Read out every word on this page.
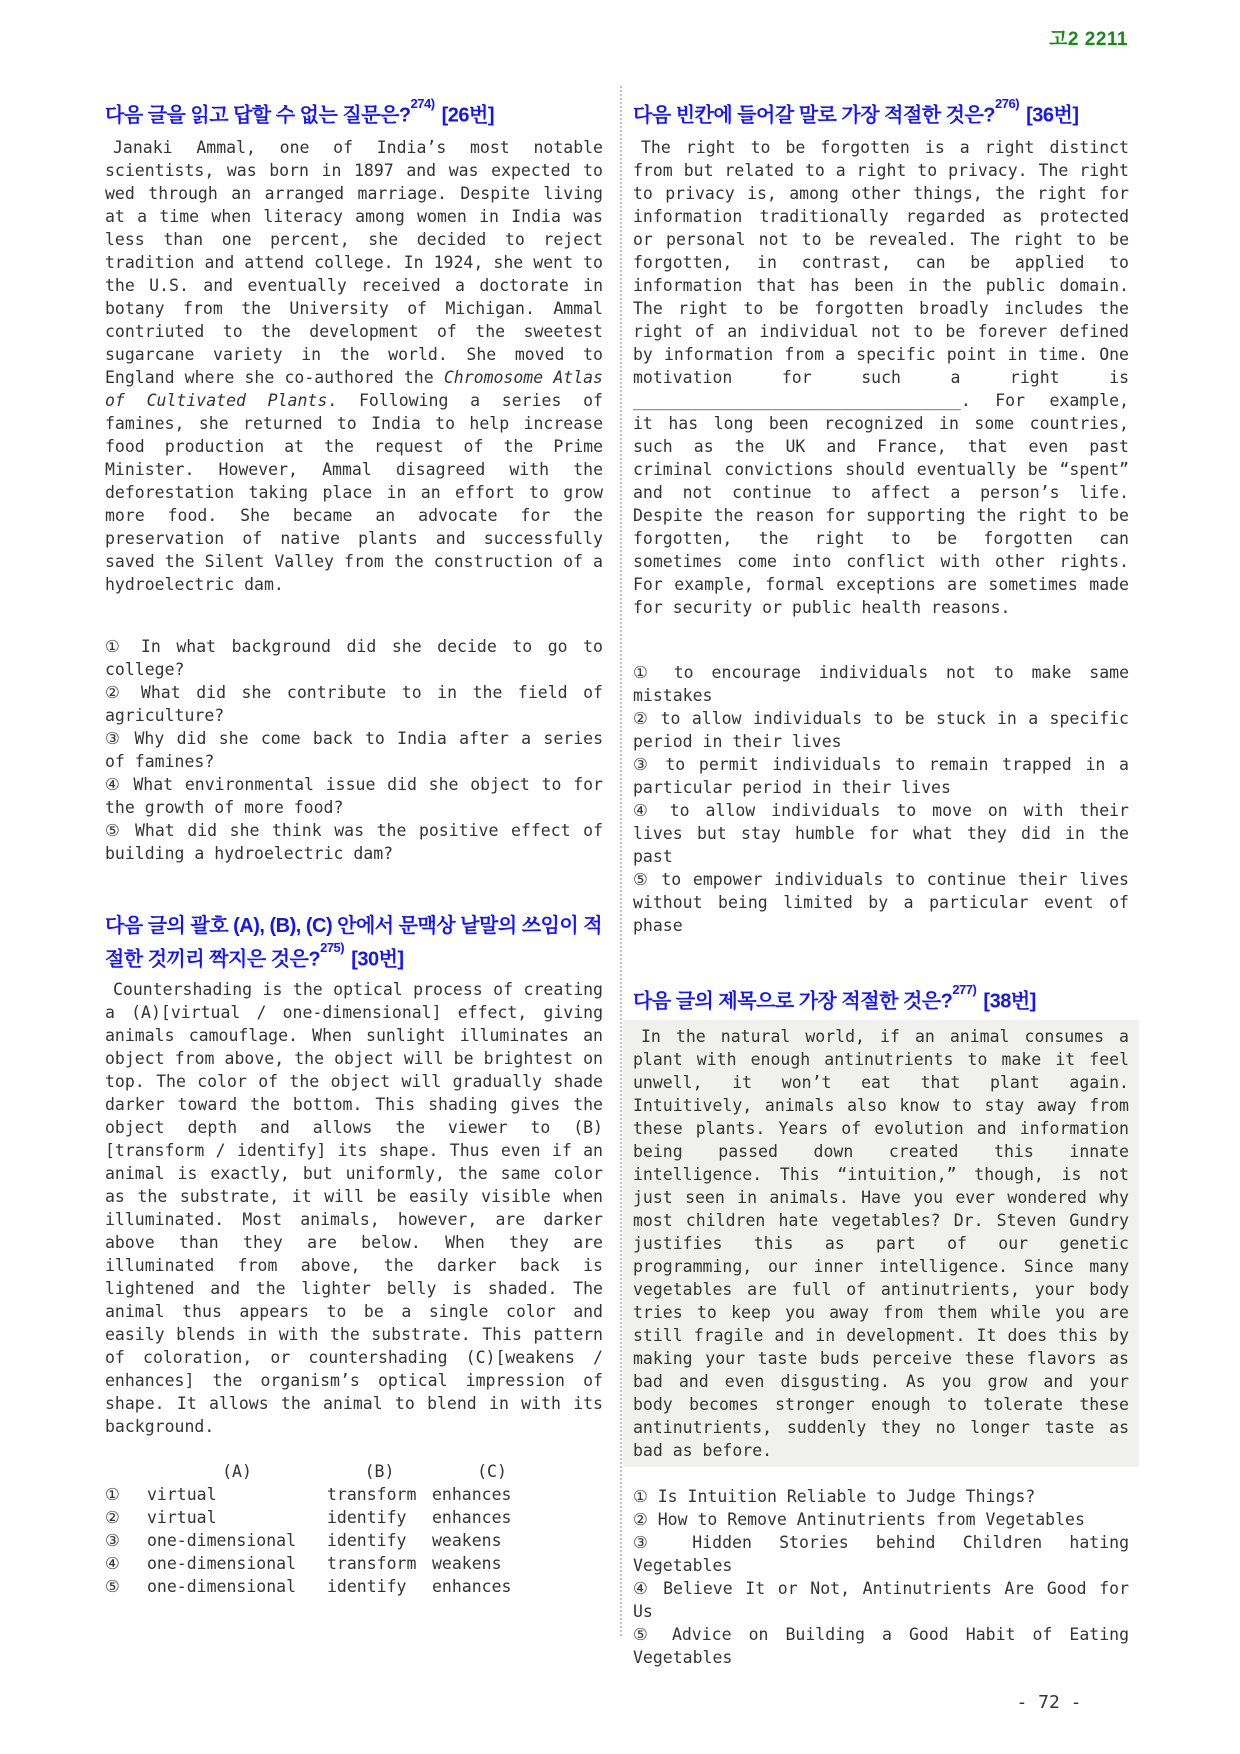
고2 2211
다음 글을 읽고 답할 수 없는 질문은?$^{274)}$ [26번]

Janaki Ammal, one of India’s most notable scientists, was born in 1897 and was expected to wed through an arranged marriage. Despite living at a time when literacy among women in India was less than one percent, she decided to reject tradition and attend college. In 1924, she went to the U.S. and eventually received a doctorate in botany from the University of Michigan. Ammal contriuted to the development of the sweetest sugarcane variety in the world. She moved to England where she co-authored the Chromosome Atlas of Cultivated Plants. Following a series of famines, she returned to India to help increase food production at the request of the Prime Minister. However, Ammal disagreed with the deforestation taking place in an effort to grow more food. She became an advocate for the preservation of native plants and successfully saved the Silent Valley from the construction of a hydroelectric dam.

① In what background did she decide to go to college?
② What did she contribute to in the field of agriculture?
③ Why did she come back to India after a series of famines?
④ What environmental issue did she object to for the growth of more food?
⑤ What did she think was the positive effect of building a hydroelectric dam?
다음 글의 괄호 (A), (B), (C) 안에서 문맥상 낱말의 쓰임이 적절한 것끼리 짝지은 것은?$^{275)}$ [30번]

Countershading is the optical process of creating a (A)[virtual / one-dimensional] effect, giving animals camouflage. When sunlight illuminates an object from above, the object will be brightest on top. The color of the object will gradually shade darker toward the bottom. This shading gives the object depth and allows the viewer to (B)[transform / identify] its shape. Thus even if an animal is exactly, but uniformly, the same color as the substrate, it will be easily visible when illuminated. Most animals, however, are darker above than they are below. When they are illuminated from above, the darker back is lightened and the lighter belly is shaded. The animal thus appears to be a single color and easily blends in with the substrate. This pattern of coloration, or countershading (C)[weakens / enhances] the organism’s optical impression of shape. It allows the animal to blend in with its background.

(A)	(B)	(C)
①	virtual	transform enhances
②	virtual	identify	enhances
③	one-dimensional	identify	weakens
④	one-dimensional	transform weakens
⑤	one-dimensional	identify	enhances
다음 빈칸에 들어갈 말로 가장 적절한 것은?$^{276)}$ [36번]

The right to be forgotten is a right distinct from but related to a right to privacy. The right to privacy is, among other things, the right for information traditionally regarded as protected or personal not to be revealed. The right to be forgotten, in contrast, can be applied to information that has been in the public domain. The right to be forgotten broadly includes the right of an individual not to be forever defined by information from a specific point in time. One motivation for such a right is _________________________________. For example, it has long been recognized in some countries, such as the UK and France, that even past criminal convictions should eventually be “spent” and not continue to affect a person’s life. Despite the reason for supporting the right to be forgotten, the right to be forgotten can sometimes come into conflict with other rights. For example, formal exceptions are sometimes made for security or public health reasons.

① to encourage individuals not to make same mistakes
② to allow individuals to be stuck in a specific period in their lives
③ to permit individuals to remain trapped in a particular period in their lives
④ to allow individuals to move on with their lives but stay humble for what they did in the past
⑤ to empower individuals to continue their lives without being limited by a particular event of phase
다음 글의 제목으로 가장 적절한 것은?$^{277)}$ [38번]

In the natural world, if an animal consumes a plant with enough antinutrients to make it feel unwell, it won’t eat that plant again. Intuitively, animals also know to stay away from these plants. Years of evolution and information being passed down created this innate intelligence. This “intuition,” though, is not just seen in animals. Have you ever wondered why most children hate vegetables? Dr. Steven Gundry justifies this as part of our genetic programming, our inner intelligence. Since many vegetables are full of antinutrients, your body tries to keep you away from them while you are still fragile and in development. It does this by making your taste buds perceive these flavors as bad and even disgusting. As you grow and your body becomes stronger enough to tolerate these antinutrients, suddenly they no longer taste as bad as before.

① Is Intuition Reliable to Judge Things?
② How to Remove Antinutrients from Vegetables
③ Hidden Stories behind Children hating Vegetables
④ Believe It or Not, Antinutrients Are Good for Us
⑤ Advice on Building a Good Habit of Eating Vegetables
- 72 -
